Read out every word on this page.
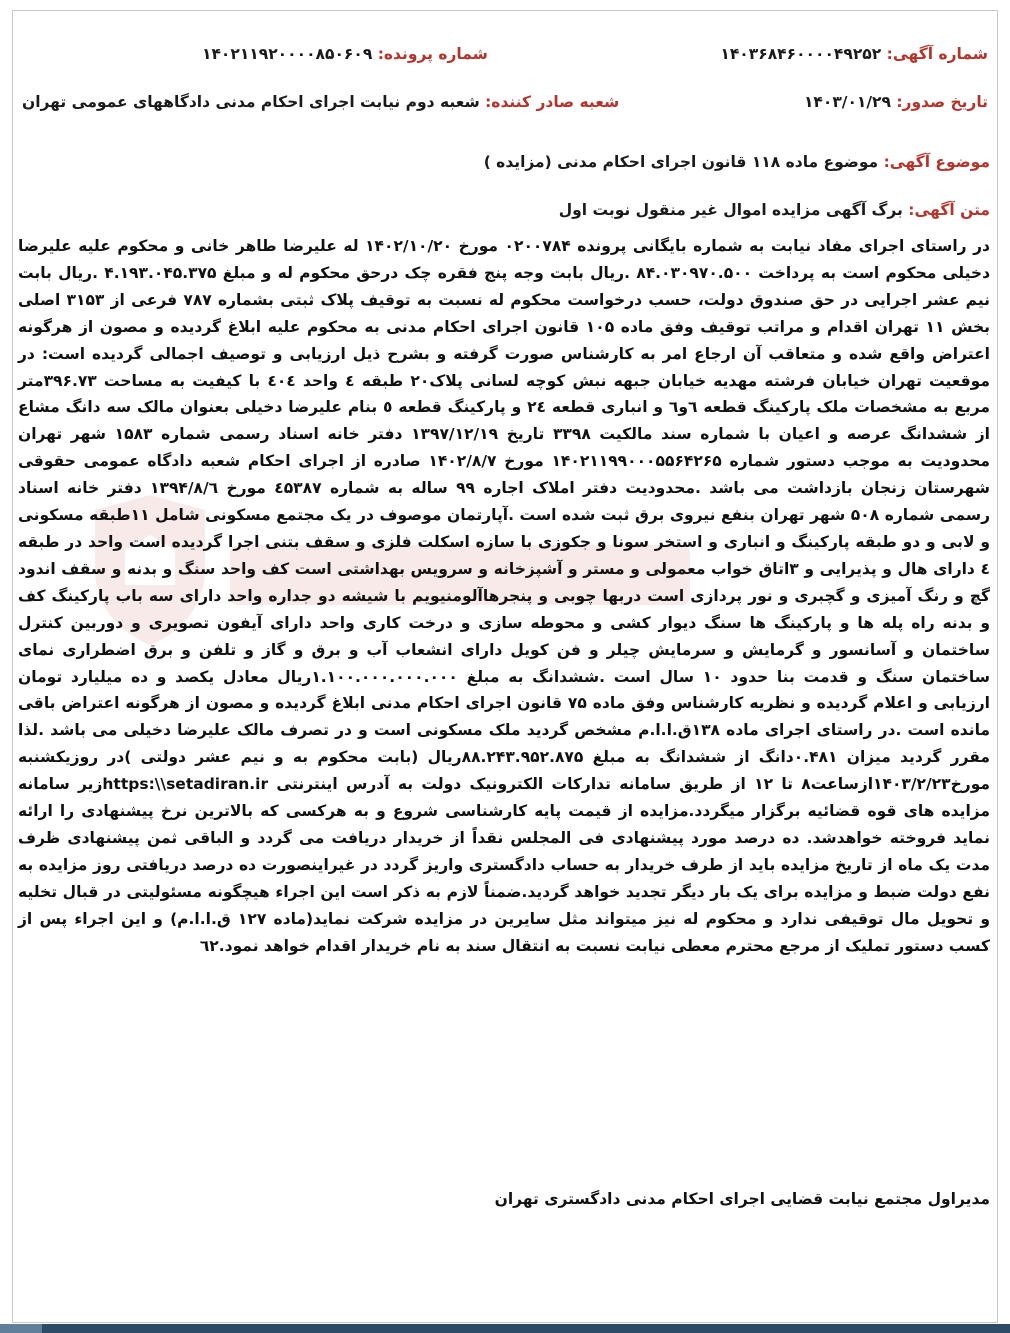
شماره آگهی: ۱۴۰۳۶۸۴۶۰۰۰۰۴۹۲۵۲
شماره پرونده: ۱۴۰۲۱۱۹۲۰۰۰۰۸۵۰۶۰۹
تاریخ صدور: ۱۴۰۳/۰۱/۲۹
شعبه صادر کننده: شعبه دوم نیابت اجرای احکام مدنی دادگاههای عمومی تهران
موضوع آگهی: موضوع ماده ۱۱۸ قانون اجرای احکام مدنی (مزایده )
متن آگهی: برگ آگهی مزایده اموال غیر منقول نوبت اول
در راستای اجرای مفاد نیابت به شماره بایگانی پرونده ۰۲۰۰۷۸۴ مورخ ۱۴۰۲/۱۰/۲۰ له علیرضا طاهر خانی و محکوم علیه علیرضا دخیلی محکوم است به پرداخت ۸۴.۰۳۰۹۷۰.۵۰۰ .ریال بابت وجه پنج فقره چک درحق محکوم له و مبلغ ۴.۱۹۳.۰۴۵.۳۷۵ .ریال بابت نیم عشر اجرایی در حق صندوق دولت، حسب درخواست محکوم له نسبت به توقیف پلاک ثبتی بشماره ۷۸۷ فرعی از ۳۱۵۳ اصلی بخش ۱۱ تهران اقدام و مراتب توقیف وفق ماده ۱۰۵ قانون اجرای احکام مدنی به محکوم علیه ابلاغ گردیده و مصون از هرگونه اعتراض واقع شده و متعاقب آن ارجاع امر به کارشناس صورت گرفته و بشرح ذیل ارزیابی و توصیف اجمالی گردیده است: در موقعیت تهران خیابان فرشته مهدیه خیابان جبهه نبش کوچه لسانی پلاک۲۰ طبقه ٤ واحد ٤٠٤ با کیفیت به مساحت ۳۹۶.۷۳متر مربع به مشخصات ملک پارکینگ قطعه ٦و٦ و انباری قطعه ۲٤ و پارکینگ قطعه ٥ بنام علیرضا دخیلی بعنوان مالک سه دانگ مشاع از ششدانگ عرصه و اعیان با شماره سند مالکیت ۳۳۹۸ تاریخ ۱۳۹۷/۱۲/۱۹ دفتر خانه اسناد رسمی شماره ۱۵۸۳ شهر تهران محدودیت به موجب دستور شماره ۱۴۰۲۱۱۹۹۰۰۰۵۵۶۴۲۶۵ مورخ ۱۴۰۲/۸/۷ صادره از اجرای احکام شعبه دادگاه عمومی حقوقی شهرستان زنجان بازداشت می باشد .محدودیت دفتر املاک اجاره ۹۹ ساله به شماره ٤۵۳۸۷ مورخ ۱۳۹۴/۸/٦ دفتر خانه اسناد رسمی شماره ۵۰۸ شهر تهران بنفع نیروی برق ثبت شده است .آپارتمان موصوف در یک مجتمع مسکونی شامل ۱۱طبقه مسکونی و لابی و دو طبقه پارکینگ و انباری و استخر سونا و جکوزی با سازه اسکلت فلزی و سقف بتنی اجرا گردیده است واحد در طبقه ٤ دارای هال و پذیرایی و ۳اتاق خواب معمولی و مستر و آشپزخانه و سرویس بهداشتی است کف واحد سنگ و بدنه و سقف اندود گچ و رنگ آمیزی و گچبری و نور پردازی است دربها چوبی و پنجرهاآلومنیویم با شیشه دو جداره واحد دارای سه باب پارکینگ کف و بدنه راه پله ها و پارکینگ ها سنگ دیوار کشی و محوطه سازی و درخت کاری واحد دارای آیفون تصویری و دوربین کنترل ساختمان و آسانسور و گرمایش و سرمایش چیلر و فن کویل دارای انشعاب آب و برق و گاز و تلفن و برق اضطراری نمای ساختمان سنگ و قدمت بنا حدود ۱۰ سال است .ششدانگ به مبلغ ۱.۱۰۰.۰۰۰.۰۰۰.۰۰۰ریال معادل یکصد و ده میلیارد تومان ارزیابی و اعلام گردیده و نظریه کارشناس وفق ماده ۷۵ قانون اجرای احکام مدنی ابلاغ گردیده و مصون از هرگونه اعتراض باقی مانده است .در راستای اجرای ماده ۱۳۸ق.ا.ا.م مشخص گردید ملک مسکونی است و در تصرف مالک علیرضا دخیلی می باشد .لذا مقرر گردید میزان ۰.۴۸۱دانگ از ششدانگ به مبلغ ۸۸.۲۴۳.۹۵۲.۸۷۵ریال (بابت محکوم به و نیم عشر دولتی )در روزیکشنبه مورخ۱۴۰۳/۲/۲۳ازساعت۸ تا ۱۲ از طریق سامانه تدارکات الکترونیک دولت به آدرس اینترنتی https:\\setadiran.irزیر سامانه مزایده های قوه قضائیه برگزار میگردد.مزایده از قیمت پایه کارشناسی شروع و به هرکسی که بالاترین نرخ پیشنهادی را ارائه نماید فروخته خواهدشد. ده درصد مورد پیشنهادی فی المجلس نقداً از خریدار دریافت می گردد و الباقی ثمن پیشنهادی ظرف مدت یک ماه از تاریخ مزایده باید از طرف خریدار به حساب دادگستری واریز گردد در غیراینصورت ده درصد دریافتی روز مزایده به نفع دولت ضبط و مزایده برای یک بار دیگر تجدید خواهد گردید.ضمناً لازم به ذکر است این اجراء هیچگونه مسئولیتی در قبال تخلیه و تحویل مال توقیفی ندارد و محکوم له نیز میتواند مثل سایرین در مزایده شرکت نماید(ماده ۱۲۷ ق.ا.ا.م) و این اجراء پس از کسب دستور تملیک از مرجع محترم معطی نیابت نسبت به انتقال سند به نام خریدار اقدام خواهد نمود.٦۲
مدیراول مجتمع نیابت قضایی اجرای احکام مدنی دادگستری تهران
